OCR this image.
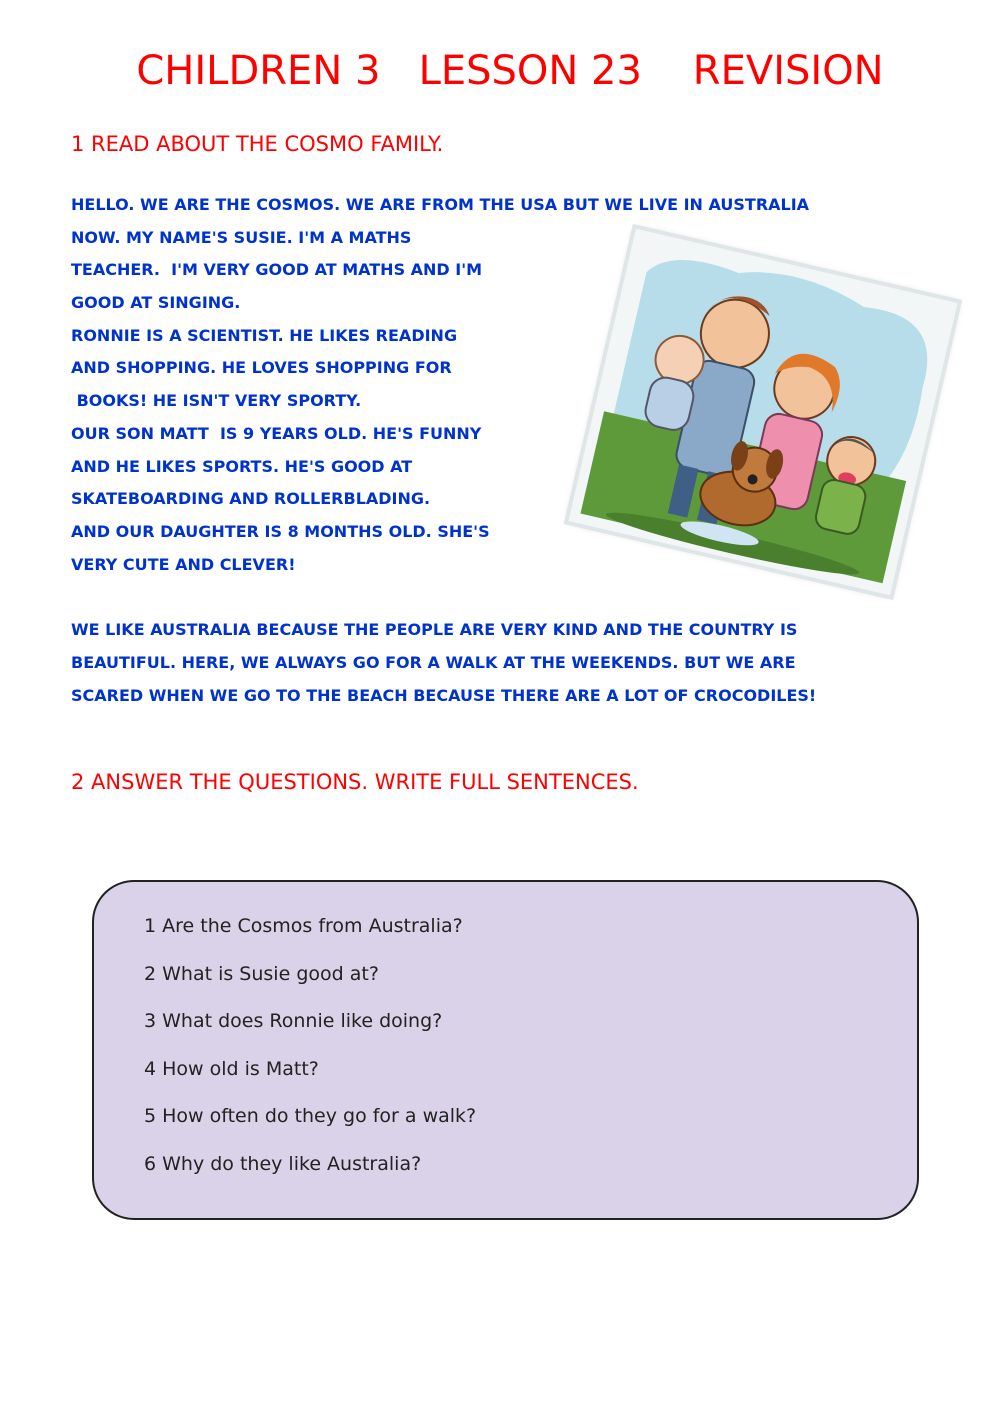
CHILDREN 3   LESSON 23    REVISION
1 READ ABOUT THE COSMO FAMILY.
HELLO. WE ARE THE COSMOS. WE ARE FROM THE USA BUT WE LIVE IN AUSTRALIA
NOW. MY NAME'S SUSIE. I'M A MATHS
TEACHER.  I'M VERY GOOD AT MATHS AND I'M
GOOD AT SINGING.
RONNIE IS A SCIENTIST. HE LIKES READING
AND SHOPPING. HE LOVES SHOPPING FOR
BOOKS! HE ISN'T VERY SPORTY.
OUR SON MATT  IS 9 YEARS OLD. HE'S FUNNY
AND HE LIKES SPORTS. HE'S GOOD AT
SKATEBOARDING AND ROLLERBLADING.
AND OUR DAUGHTER IS 8 MONTHS OLD. SHE'S
VERY CUTE AND CLEVER!
WE LIKE AUSTRALIA BECAUSE THE PEOPLE ARE VERY KIND AND THE COUNTRY IS
BEAUTIFUL. HERE, WE ALWAYS GO FOR A WALK AT THE WEEKENDS. BUT WE ARE
SCARED WHEN WE GO TO THE BEACH BECAUSE THERE ARE A LOT OF CROCODILES!
2 ANSWER THE QUESTIONS. WRITE FULL SENTENCES.
1 Are the Cosmos from Australia?
2 What is Susie good at?
3 What does Ronnie like doing?
4 How old is Matt?
5 How often do they go for a walk?
6 Why do they like Australia?
